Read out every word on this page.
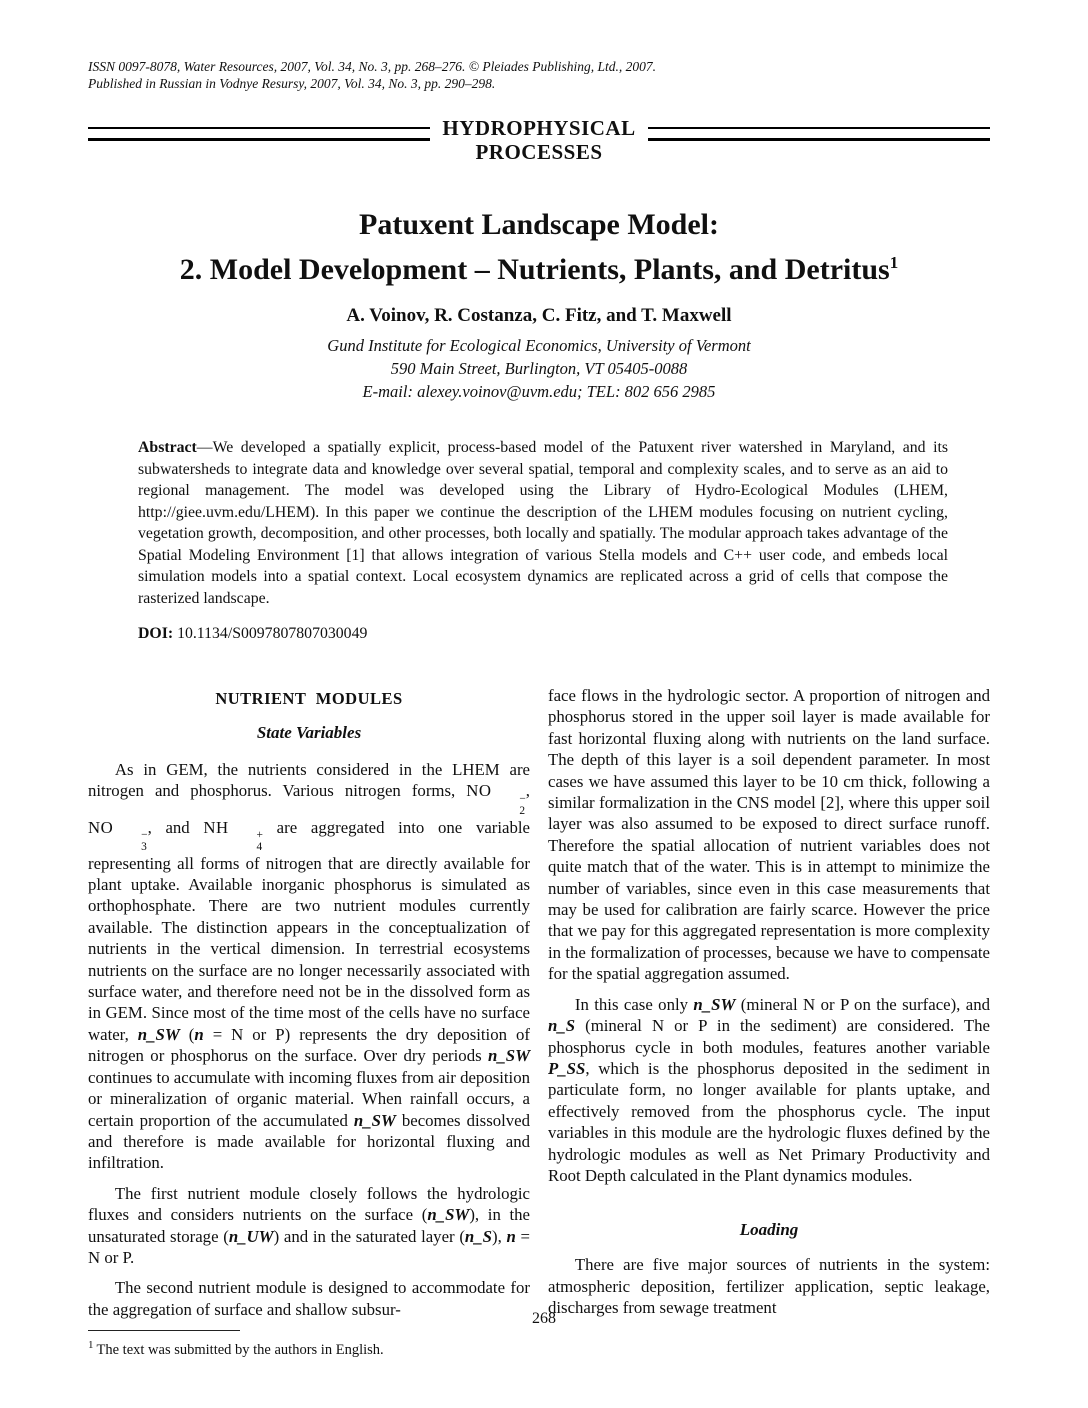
ISSN 0097-8078, Water Resources, 2007, Vol. 34, No. 3, pp. 268–276. © Pleiades Publishing, Ltd., 2007.
Published in Russian in Vodnye Resursy, 2007, Vol. 34, No. 3, pp. 290–298.
HYDROPHYSICAL
PROCESSES
Patuxent Landscape Model:
2. Model Development – Nutrients, Plants, and Detritus$^1$
A. Voinov, R. Costanza, C. Fitz, and T. Maxwell
Gund Institute for Ecological Economics, University of Vermont
590 Main Street, Burlington, VT 05405-0088
E-mail: alexey.voinov@uvm.edu; TEL: 802 656 2985

Abstract—We developed a spatially explicit, process-based model of the Patuxent river watershed in Maryland, and its subwatersheds to integrate data and knowledge over several spatial, temporal and complexity scales, and to serve as an aid to regional management. The model was developed using the Library of Hydro-Ecological Modules (LHEM, http://giee.uvm.edu/LHEM). In this paper we continue the description of the LHEM modules focusing on nutrient cycling, vegetation growth, decomposition, and other processes, both locally and spatially. The modular approach takes advantage of the Spatial Modeling Environment [1] that allows integration of various Stella models and C++ user code, and embeds local simulation models into a spatial context. Local ecosystem dynamics are replicated across a grid of cells that compose the rasterized landscape.

DOI: 10.1134/S0097807807030049

NUTRIENT MODULES
State Variables

As in GEM, the nutrients considered in the LHEM are nitrogen and phosphorus. Various nitrogen forms, NO	−
2
, NO	−
3
, and NH	+
4
are aggregated into one variable representing all forms of nitrogen that are directly available for plant uptake. Available inorganic phosphorus is simulated as orthophosphate. There are two nutrient modules currently available. The distinction appears in the conceptualization of nutrients in the vertical dimension. In terrestrial ecosystems nutrients on the surface are no longer necessarily associated with surface water, and therefore need not be in the dissolved form as in GEM. Since most of the time most of the cells have no surface water, n_SW (n = N or P) represents the dry deposition of nitrogen or phosphorus on the surface. Over dry periods n_SW continues to accumulate with incoming fluxes from air deposition or mineralization of organic material. When rainfall occurs, a certain proportion of the accumulated n_SW becomes dissolved and therefore is made available for horizontal fluxing and infiltration.

The first nutrient module closely follows the hydrologic fluxes and considers nutrients on the surface (n_SW), in the unsaturated storage (n_UW) and in the saturated layer (n_S), n = N or P.

The second nutrient module is designed to accommodate for the aggregation of surface and shallow subsur-

$^1$ The text was submitted by the authors in English.

face flows in the hydrologic sector. A proportion of nitrogen and phosphorus stored in the upper soil layer is made available for fast horizontal fluxing along with nutrients on the land surface. The depth of this layer is a soil dependent parameter. In most cases we have assumed this layer to be 10 cm thick, following a similar formalization in the CNS model [2], where this upper soil layer was also assumed to be exposed to direct surface runoff. Therefore the spatial allocation of nutrient variables does not quite match that of the water. This is in attempt to minimize the number of variables, since even in this case measurements that may be used for calibration are fairly scarce. However the price that we pay for this aggregated representation is more complexity in the formalization of processes, because we have to compensate for the spatial aggregation assumed.

In this case only n_SW (mineral N or P on the surface), and n_S (mineral N or P in the sediment) are considered. The phosphorus cycle in both modules, features another variable P_SS, which is the phosphorus deposited in the sediment in particulate form, no longer available for plants uptake, and effectively removed from the phosphorus cycle. The input variables in this module are the hydrologic fluxes defined by the hydrologic modules as well as Net Primary Productivity and Root Depth calculated in the Plant dynamics modules.

Loading

There are five major sources of nutrients in the system: atmospheric deposition, fertilizer application, septic leakage, discharges from sewage treatment

268
